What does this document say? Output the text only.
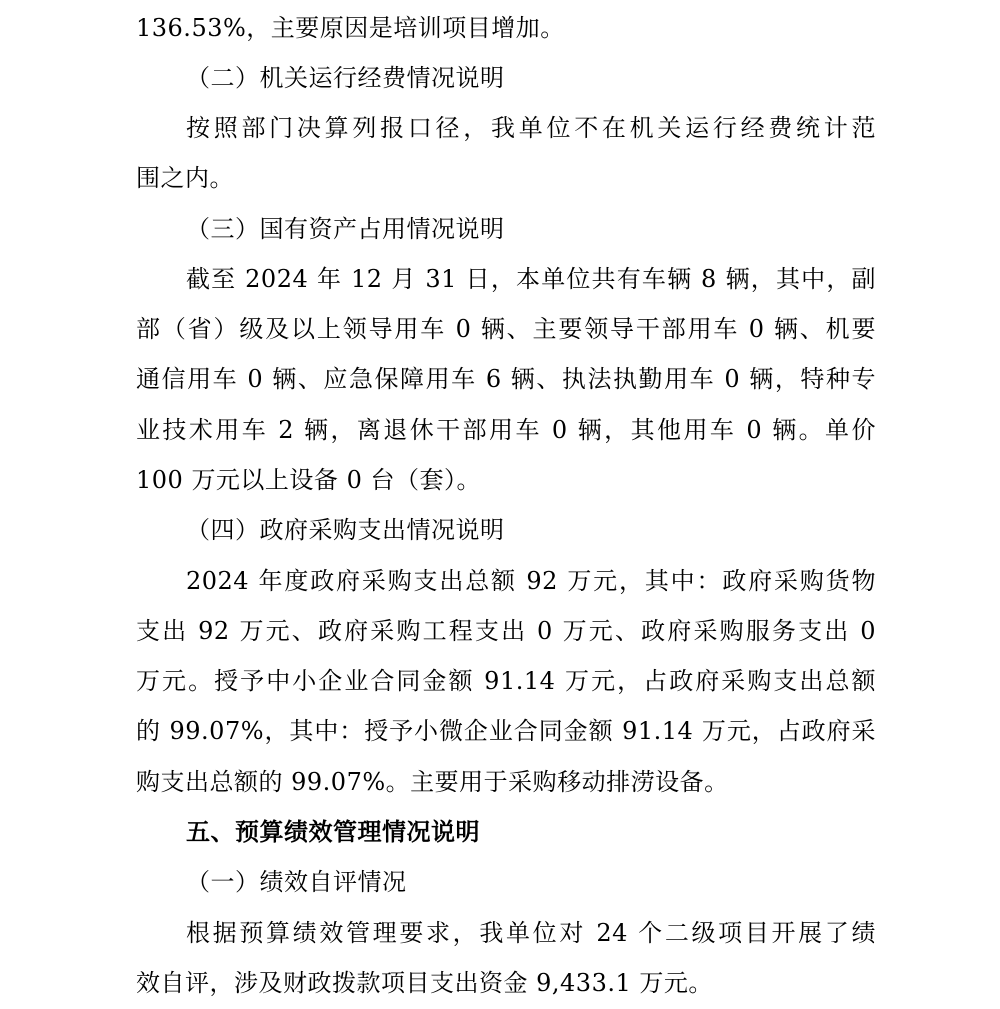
136.53%，主要原因是培训项目增加。
（二）机关运行经费情况说明
按照部门决算列报口径，我单位不在机关运行经费统计范
围之内。
（三）国有资产占用情况说明
截至 2024 年 12 月 31 日，本单位共有车辆 8 辆，其中，副
部（省）级及以上领导用车 0 辆、主要领导干部用车 0 辆、机要
通信用车 0 辆、应急保障用车 6 辆、执法执勤用车 0 辆，特种专
业技术用车 2 辆，离退休干部用车 0 辆，其他用车 0 辆。单价
100 万元以上设备 0 台（套）。
（四）政府采购支出情况说明
2024 年度政府采购支出总额 92 万元，其中：政府采购货物
支出 92 万元、政府采购工程支出 0 万元、政府采购服务支出 0
万元。授予中小企业合同金额 91.14 万元，占政府采购支出总额
的 99.07%，其中：授予小微企业合同金额 91.14 万元，占政府采
购支出总额的 99.07%。主要用于采购移动排涝设备。
五、预算绩效管理情况说明
（一）绩效自评情况
根据预算绩效管理要求，我单位对 24 个二级项目开展了绩
效自评，涉及财政拨款项目支出资金 9,433.1 万元。
